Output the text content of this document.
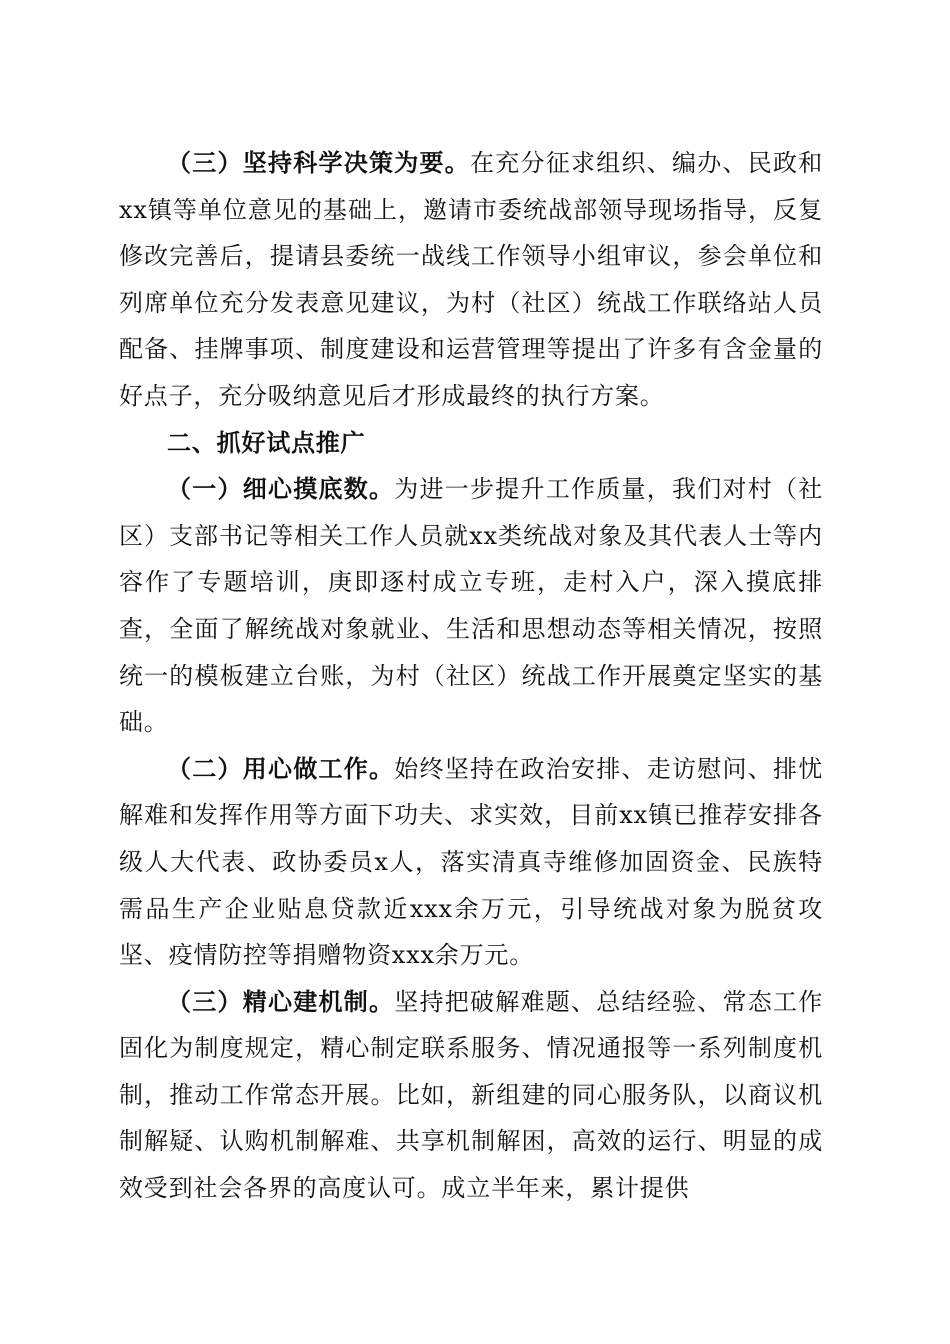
（三）坚持科学决策为要。在充分征求组织、编办、民政和xx镇等单位意见的基础上，邀请市委统战部领导现场指导，反复修改完善后，提请县委统一战线工作领导小组审议，参会单位和列席单位充分发表意见建议，为村（社区）统战工作联络站人员配备、挂牌事项、制度建设和运营管理等提出了许多有含金量的好点子，充分吸纳意见后才形成最终的执行方案。

二、抓好试点推广

（一）细心摸底数。为进一步提升工作质量，我们对村（社区）支部书记等相关工作人员就xx类统战对象及其代表人士等内容作了专题培训，庚即逐村成立专班，走村入户，深入摸底排查，全面了解统战对象就业、生活和思想动态等相关情况，按照统一的模板建立台账，为村（社区）统战工作开展奠定坚实的基础。

（二）用心做工作。始终坚持在政治安排、走访慰问、排忧解难和发挥作用等方面下功夫、求实效，目前xx镇已推荐安排各级人大代表、政协委员x人，落实清真寺维修加固资金、民族特需品生产企业贴息贷款近xxx余万元，引导统战对象为脱贫攻坚、疫情防控等捐赠物资xxx余万元。

（三）精心建机制。坚持把破解难题、总结经验、常态工作固化为制度规定，精心制定联系服务、情况通报等一系列制度机制，推动工作常态开展。比如，新组建的同心服务队，以商议机制解疑、认购机制解难、共享机制解困，高效的运行、明显的成效受到社会各界的高度认可。成立半年来，累计提供
